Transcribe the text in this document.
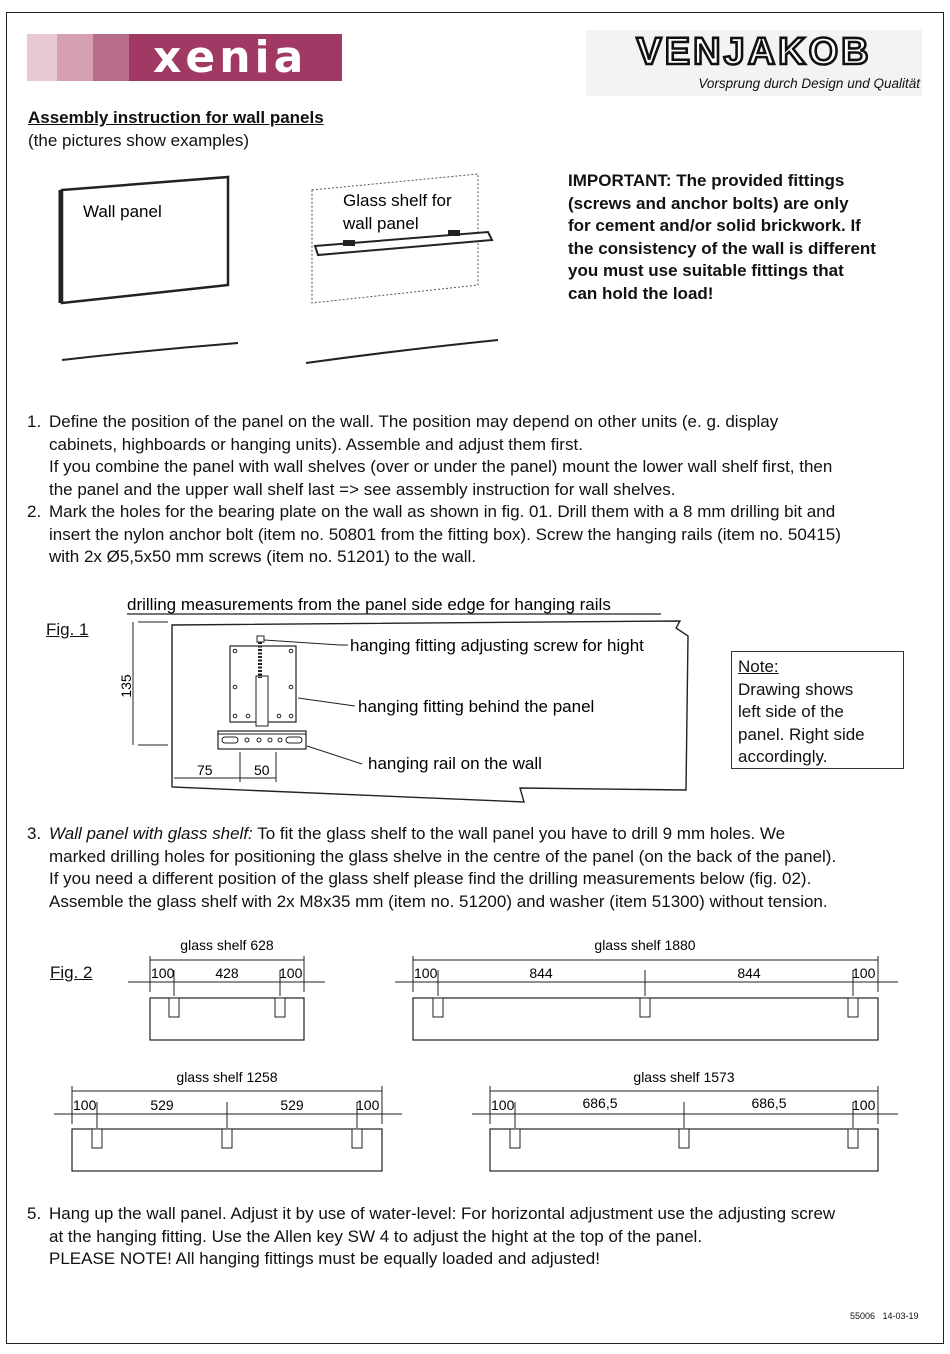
xenia	VENJAKOB
Vorsprung durch Design und Qualität
Assembly instruction for wall panels
(the pictures show examples)
Wall panel
Glass shelf for
wall panel
IMPORTANT: The provided fittings
(screws and anchor bolts) are only
for cement and/or solid brickwork. If
the consistency of the wall is different
you must use suitable fittings that
can hold the load!
1. Define the position of the panel on the wall. The position may depend on other units (e. g. display
cabinets, highboards or hanging units). Assemble and adjust them first.
If you combine the panel with wall shelves (over or under the panel) mount the lower wall shelf first, then
the panel and the upper wall shelf last => see assembly instruction for wall shelves.
2. Mark the holes for the bearing plate on the wall as shown in fig. 01. Drill them with a 8 mm drilling bit and
insert the nylon anchor bolt (item no. 50801 from the fitting box). Screw the hanging rails (item no. 50415)
with 2x Ø5,5x50 mm screws (item no. 51201) to the wall.
Fig. 1
drilling measurements from the panel side edge for hanging rails
135
hanging fitting adjusting screw for hight
hanging fitting behind the panel
hanging rail on the wall
75	50
Note:
Drawing shows
left side of the
panel. Right side
accordingly.
3. Wall panel with glass shelf: To fit the glass shelf to the wall panel you have to drill 9 mm holes. We
marked drilling holes for positioning the glass shelve in the centre of the panel (on the back of the panel).
If you need a different position of the glass shelf please find the drilling measurements below (fig. 02).
Assemble the glass shelf with 2x M8x35 mm (item no. 51200) and washer (item 51300) without tension.
Fig. 2
glass shelf 628
100	428	100
glass shelf 1880
100	844	844	100
glass shelf 1258
100	529	529	100
glass shelf 1573
100	686,5	686,5	100
5. Hang up the wall panel. Adjust it by use of water-level: For horizontal adjustment use the adjusting screw
at the hanging fitting. Use the Allen key SW 4 to adjust the hight at the top of the panel.
PLEASE NOTE! All hanging fittings must be equally loaded and adjusted!
55006   14-03-19
